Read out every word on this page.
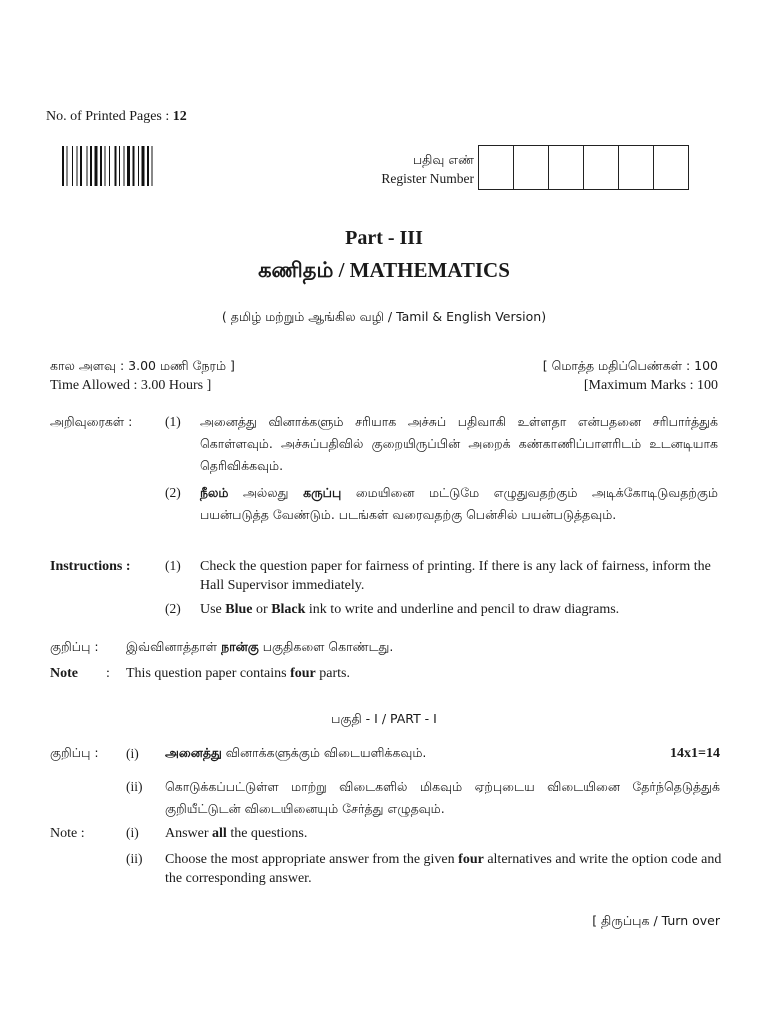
No. of Printed Pages : 12
பதிவு எண்
Register Number
Part - III
கணிதம் / MATHEMATICS
( தமிழ் மற்றும் ஆங்கில வழி / Tamil & English Version)
கால அளவு : 3.00 மணி நேரம் ]	[ மொத்த மதிப்பெண்கள் : 100
Time Allowed : 3.00 Hours ]	[Maximum Marks : 100
அறிவுரைகள் : (1) அனைத்து வினாக்களும் சரியாக அச்சுப் பதிவாகி உள்ளதா என்பதனை சரிபார்த்துக் கொள்ளவும். அச்சுப்பதிவில் குறையிருப்பின் அறைக் கண்காணிப்பாளரிடம் உடனடியாக தெரிவிக்கவும்.
(2) நீலம் அல்லது கருப்பு மையினை மட்டுமே எழுதுவதற்கும் அடிக்கோடிடுவதற்கும் பயன்படுத்த வேண்டும். படங்கள் வரைவதற்கு பென்சில் பயன்படுத்தவும்.
Instructions :	(1) Check the question paper for fairness of printing. If there is any lack of fairness, inform the Hall Supervisor immediately.
(2) Use Blue or Black ink to write and underline and pencil to draw diagrams.
குறிப்பு : இவ்வினாத்தாள் நான்கு பகுதிகளை கொண்டது.
Note : This question paper contains four parts.
பகுதி - I / PART - I
குறிப்பு : (i) அனைத்து வினாக்களுக்கும் விடையளிக்கவும்.	14x1=14
(ii) கொடுக்கப்பட்டுள்ள மாற்று விடைகளில் மிகவும் ஏற்புடைய விடையினை தேர்ந்தெடுத்துக் குறியீட்டுடன் விடையினையும் சேர்த்து எழுதவும்.
Note :	(i) Answer all the questions.
(ii) Choose the most appropriate answer from the given four alternatives and write the option code and the corresponding answer.
[ திருப்புக / Turn over
